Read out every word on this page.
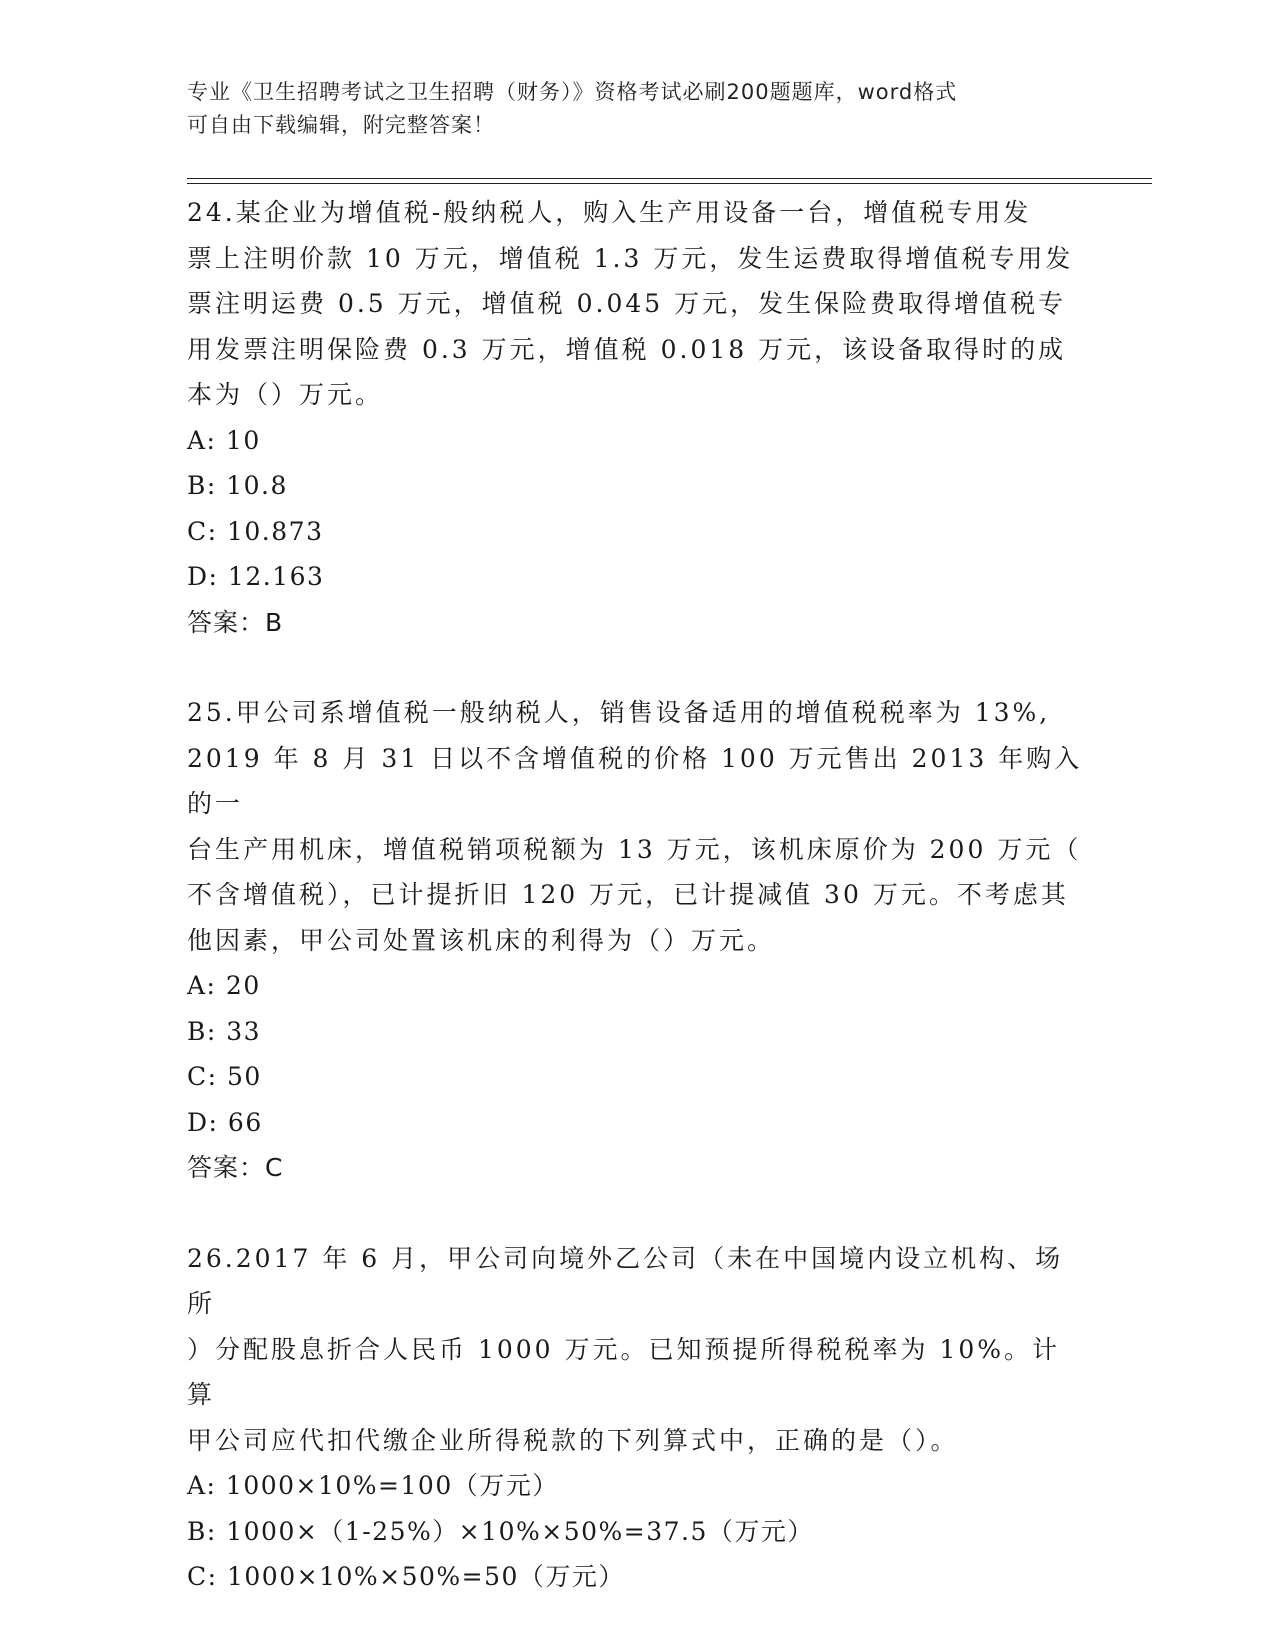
专业《卫生招聘考试之卫生招聘（财务）》资格考试必刷200题题库，word格式
可自由下载编辑，附完整答案！

24.某企业为增值税-般纳税人，购入生产用设备一台，增值税专用发

票上注明价款 10 万元，增值税 1.3 万元，发生运费取得增值税专用发

票注明运费 0.5 万元，增值税 0.045 万元，发生保险费取得增值税专

用发票注明保险费 0.3 万元，增值税 0.018 万元，该设备取得时的成

本为（）万元。

A: 10

B: 10.8

C: 10.873

D: 12.163

答案：B

25.甲公司系增值税一般纳税人，销售设备适用的增值税税率为 13%,

2019 年 8 月 31 日以不含增值税的价格 100 万元售出 2013 年购入的一

台生产用机床，增值税销项税额为 13 万元，该机床原价为 200 万元（

不含增值税），已计提折旧 120 万元，已计提减值 30 万元。不考虑其

他因素，甲公司处置该机床的利得为（）万元。

A: 20

B: 33

C: 50

D: 66

答案：C

26.2017 年 6 月，甲公司向境外乙公司（未在中国境内设立机构、场所

）分配股息折合人民币 1000 万元。已知预提所得税税率为 10%。计算

甲公司应代扣代缴企业所得税款的下列算式中，正确的是（）。

A: 1000×10%=100（万元）

B: 1000×（1-25%）×10%×50%=37.5（万元）

C: 1000×10%×50%=50（万元）
